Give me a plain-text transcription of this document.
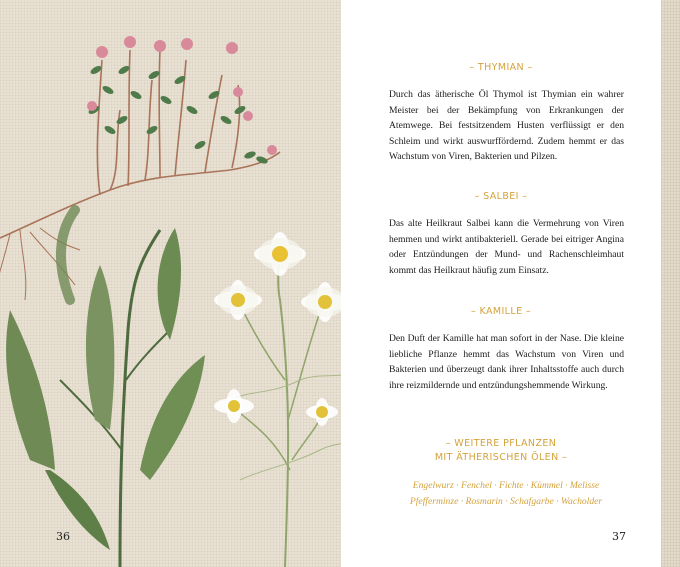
36
– THYMIAN –
Durch das ätherische Öl Thymol ist Thymian ein wahrer Meister bei der Bekämpfung von Erkrankungen der Atemwege. Bei festsitzendem Husten verflüssigt er den Schleim und wirkt auswurffördernd. Zudem hemmt er das Wachstum von Viren, Bakterien und Pilzen.
– SALBEI –
Das alte Heilkraut Salbei kann die Vermehrung von Viren hemmen und wirkt antibakteriell. Gerade bei eitriger Angina oder Entzündungen der Mund- und Rachenschleimhaut kommt das Heilkraut häufig zum Einsatz.
– KAMILLE –
Den Duft der Kamille hat man sofort in der Nase. Die kleine liebliche Pflanze hemmt das Wachstum von Viren und Bakterien und überzeugt dank ihrer Inhaltsstoffe auch durch ihre reizmildernde und entzündungshemmende Wirkung.
– WEITERE PFLANZEN
MIT ÄTHERISCHEN ÖLEN –
Engelwurz · Fenchel · Fichte · Kümmel · Melisse
Pfefferminze · Rosmarin · Schafgarbe · Wacholder
37
